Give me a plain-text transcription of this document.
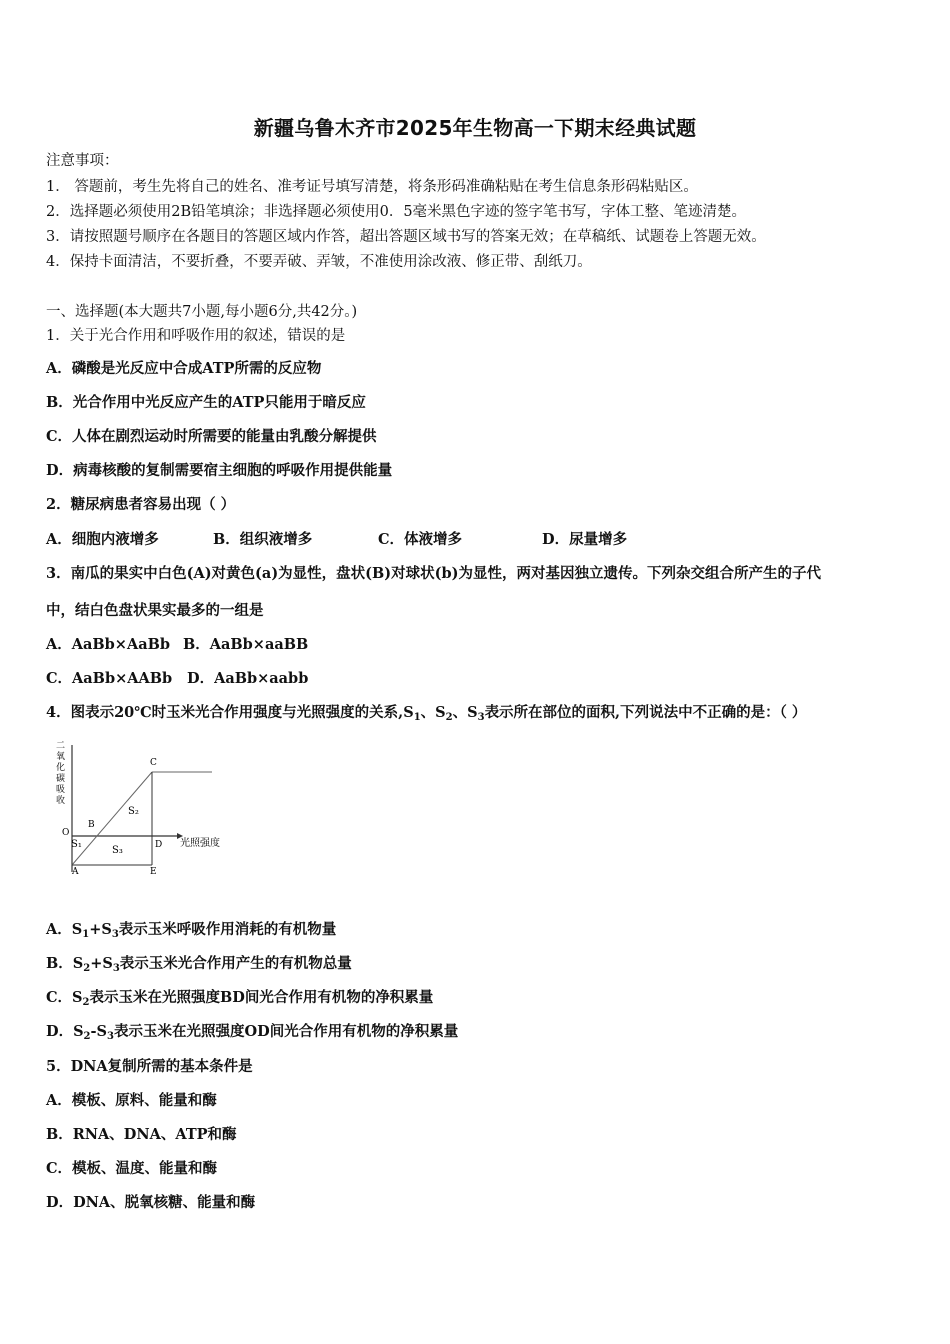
新疆乌鲁木齐市2025年生物高一下期末经典试题
注意事项：
1． 答题前，考生先将自己的姓名、准考证号填写清楚，将条形码准确粘贴在考生信息条形码粘贴区。
2．选择题必须使用2B铅笔填涂；非选择题必须使用0．5毫米黑色字迹的签字笔书写，字体工整、笔迹清楚。
3．请按照题号顺序在各题目的答题区域内作答，超出答题区域书写的答案无效；在草稿纸、试题卷上答题无效。
4．保持卡面清洁，不要折叠，不要弄破、弄皱，不准使用涂改液、修正带、刮纸刀。
一、选择题(本大题共7小题,每小题6分,共42分。)
1．关于光合作用和呼吸作用的叙述，错误的是
A．磷酸是光反应中合成ATP所需的反应物
B．光合作用中光反应产生的ATP只能用于暗反应
C．人体在剧烈运动时所需要的能量由乳酸分解提供
D．病毒核酸的复制需要宿主细胞的呼吸作用提供能量
2．糖尿病患者容易出现（ ）
A．细胞内液增多	B．组织液增多	C．体液增多	D．尿量增多
3．南瓜的果实中白色(A)对黄色(a)为显性，盘状(B)对球状(b)为显性，两对基因独立遗传。下列杂交组合所产生的子代
中，结白色盘状果实最多的一组是
A．AaBb×AaBb B．AaBb×aaBB
C．AaBb×AABb D．AaBb×aabb
4．图表示20℃时玉米光合作用强度与光照强度的关系$,S_1$、$S_2$、$S_3$表示所在部位的面积,下列说法中不正确的是：（ ）
二
氧
化
碳
吸
收
C
B
S₂
O
S₁	D
S₃
A	E
光照强度
A．$S_1+S_3$表示玉米呼吸作用消耗的有机物量
B．$S_2+S_3$表示玉米光合作用产生的有机物总量
C．$S_2$表示玉米在光照强度BD间光合作用有机物的净积累量
D．$S_2-S_3$表示玉米在光照强度OD间光合作用有机物的净积累量
5．DNA复制所需的基本条件是
A．模板、原料、能量和酶
B．RNA、DNA、ATP和酶
C．模板、温度、能量和酶
D．DNA、脱氧核糖、能量和酶
